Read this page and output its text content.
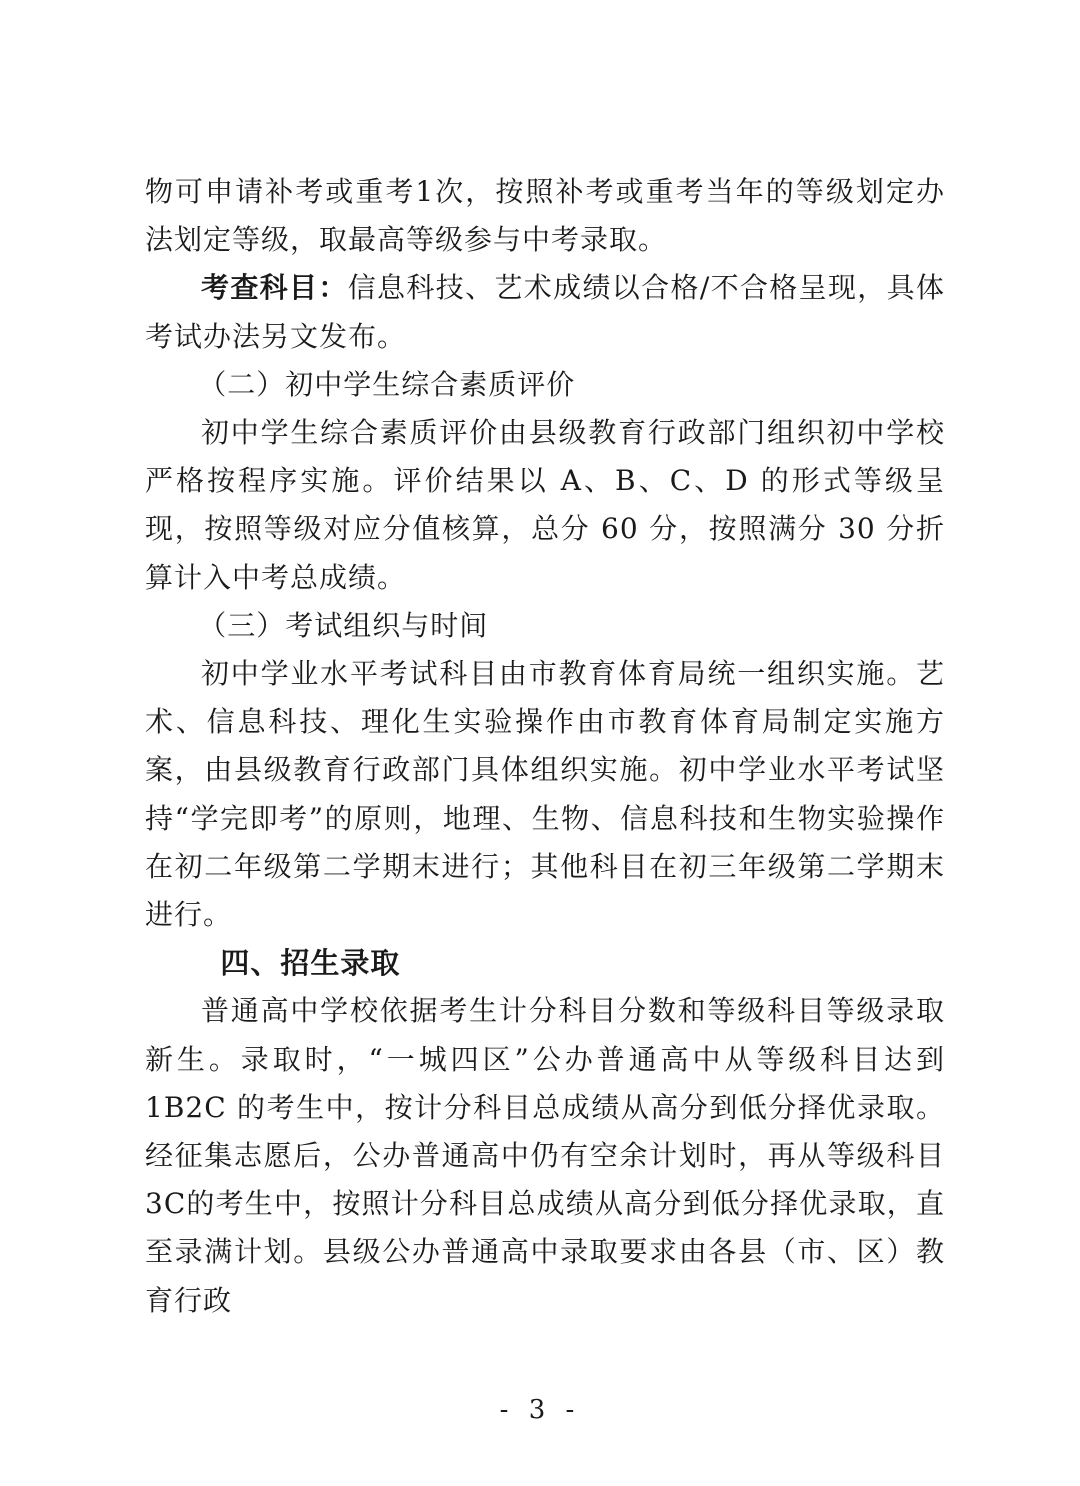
物可申请补考或重考1次，按照补考或重考当年的等级划定办法划定等级，取最高等级参与中考录取。

考查科目：信息科技、艺术成绩以合格/不合格呈现，具体考试办法另文发布。

（二）初中学生综合素质评价

初中学生综合素质评价由县级教育行政部门组织初中学校严格按程序实施。评价结果以 A、B、C、D 的形式等级呈现，按照等级对应分值核算，总分 60 分，按照满分 30 分折算计入中考总成绩。

（三）考试组织与时间

初中学业水平考试科目由市教育体育局统一组织实施。艺术、信息科技、理化生实验操作由市教育体育局制定实施方案，由县级教育行政部门具体组织实施。初中学业水平考试坚持“学完即考”的原则，地理、生物、信息科技和生物实验操作在初二年级第二学期末进行；其他科目在初三年级第二学期末进行。

四、招生录取

普通高中学校依据考生计分科目分数和等级科目等级录取新生。录取时，“一城四区”公办普通高中从等级科目达到1B2C 的考生中，按计分科目总成绩从高分到低分择优录取。经征集志愿后，公办普通高中仍有空余计划时，再从等级科目 3C的考生中，按照计分科目总成绩从高分到低分择优录取，直至录满计划。县级公办普通高中录取要求由各县（市、区）教育行政

- 3 -
